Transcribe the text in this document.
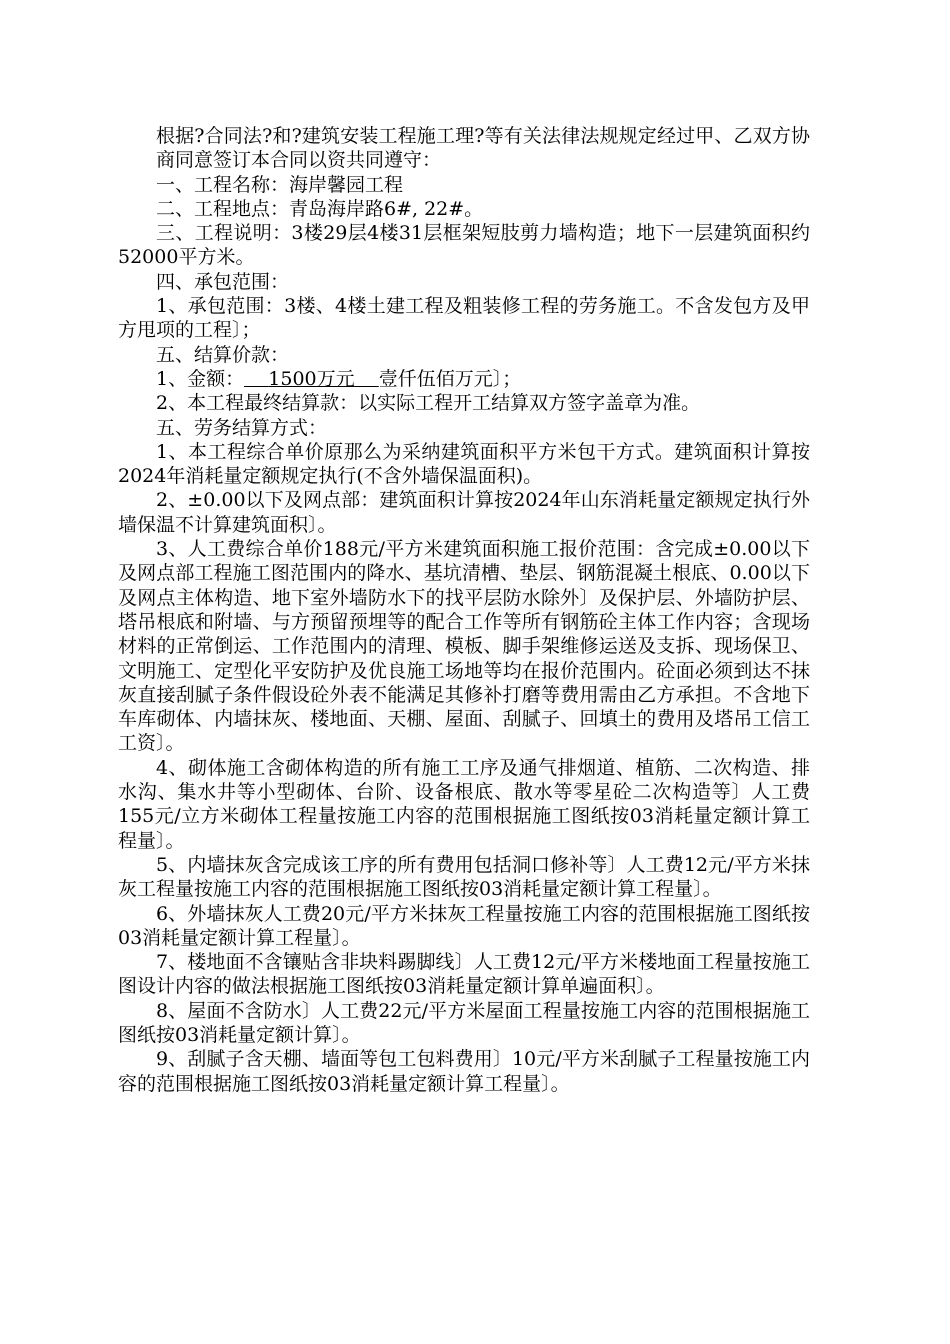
根据?合同法?和?建筑安装工程施工理?等有关法律法规规定经过甲、乙双方协商同意签订本合同以资共同遵守：

一、工程名称：海岸馨园工程

二、工程地点：青岛海岸路6#, 22#。

三、工程说明：3楼29层4楼31层框架短肢剪力墙构造；地下一层建筑面积约52000平方米。

四、承包范围：

1、承包范围：3楼、4楼土建工程及粗装修工程的劳务施工。不含发包方及甲方甩项的工程〕；

五、结算价款：

1、金额： 1500万元 壹仟伍佰万元〕；

2、本工程最终结算款：以实际工程开工结算双方签字盖章为准。

五、劳务结算方式：

1、本工程综合单价原那么为采纳建筑面积平方米包干方式。建筑面积计算按2024年消耗量定额规定执行(不含外墙保温面积)。

2、±0.00以下及网点部：建筑面积计算按2024年山东消耗量定额规定执行外墙保温不计算建筑面积〕。

3、人工费综合单价188元/平方米建筑面积施工报价范围：含完成±0.00以下及网点部工程施工图范围内的降水、基坑清槽、垫层、钢筋混凝土根底、0.00以下及网点主体构造、地下室外墙防水下的找平层防水除外〕及保护层、外墙防护层、塔吊根底和附墙、与方预留预埋等的配合工作等所有钢筋砼主体工作内容；含现场材料的正常倒运、工作范围内的清理、模板、脚手架维修运送及支拆、现场保卫、文明施工、定型化平安防护及优良施工场地等均在报价范围内。砼面必须到达不抹灰直接刮腻子条件假设砼外表不能满足其修补打磨等费用需由乙方承担。不含地下车库砌体、内墙抹灰、楼地面、天棚、屋面、刮腻子、回填土的费用及塔吊工信工工资〕。

4、砌体施工含砌体构造的所有施工工序及通气排烟道、植筋、二次构造、排水沟、集水井等小型砌体、台阶、设备根底、散水等零星砼二次构造等〕人工费 155元/立方米砌体工程量按施工内容的范围根据施工图纸按03消耗量定额计算工程量〕。

5、内墙抹灰含完成该工序的所有费用包括洞口修补等〕人工费12元/平方米抹灰工程量按施工内容的范围根据施工图纸按03消耗量定额计算工程量〕。

6、外墙抹灰人工费20元/平方米抹灰工程量按施工内容的范围根据施工图纸按03消耗量定额计算工程量〕。

7、楼地面不含镶贴含非块料踢脚线〕人工费12元/平方米楼地面工程量按施工图设计内容的做法根据施工图纸按03消耗量定额计算单遍面积〕。

8、屋面不含防水〕人工费22元/平方米屋面工程量按施工内容的范围根据施工图纸按03消耗量定额计算〕。

9、刮腻子含天棚、墙面等包工包料费用〕10元/平方米刮腻子工程量按施工内容的范围根据施工图纸按03消耗量定额计算工程量〕。
